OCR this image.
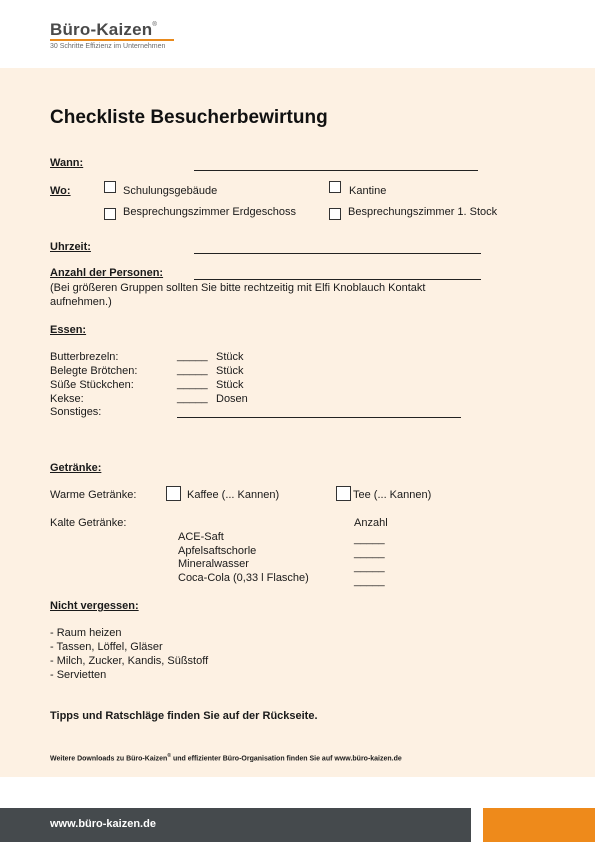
Büro-Kaizen®
30 Schritte Effizienz im Unternehmen
Checkliste Besucherbewirtung
Wann:
Wo:	Schulungsgebäude	Kantine
Besprechungszimmer Erdgeschoss	Besprechungszimmer 1. Stock
Uhrzeit:
Anzahl der Personen:
(Bei größeren Gruppen sollten Sie bitte rechtzeitig mit Elfi Knoblauch Kontakt
aufnehmen.)
Essen:
Butterbrezeln:	_____ Stück
Belegte Brötchen:	_____ Stück
Süße Stückchen:	_____ Stück
Kekse:	_____ Dosen
Sonstiges:
Getränke:
Warme Getränke:	Kaffee (... Kannen)	Tee (... Kannen)
Kalte Getränke:	Anzahl
ACE-Saft	_____
Apfelsaftschorle	_____
Mineralwasser	_____
Coca-Cola (0,33 l Flasche)	_____
Nicht vergessen:
- Raum heizen
- Tassen, Löffel, Gläser
- Milch, Zucker, Kandis, Süßstoff
- Servietten
Tipps und Ratschläge finden Sie auf der Rückseite.
Weitere Downloads zu Büro-Kaizen® und effizienter Büro-Organisation finden Sie auf www.büro-kaizen.de
www.büro-kaizen.de
